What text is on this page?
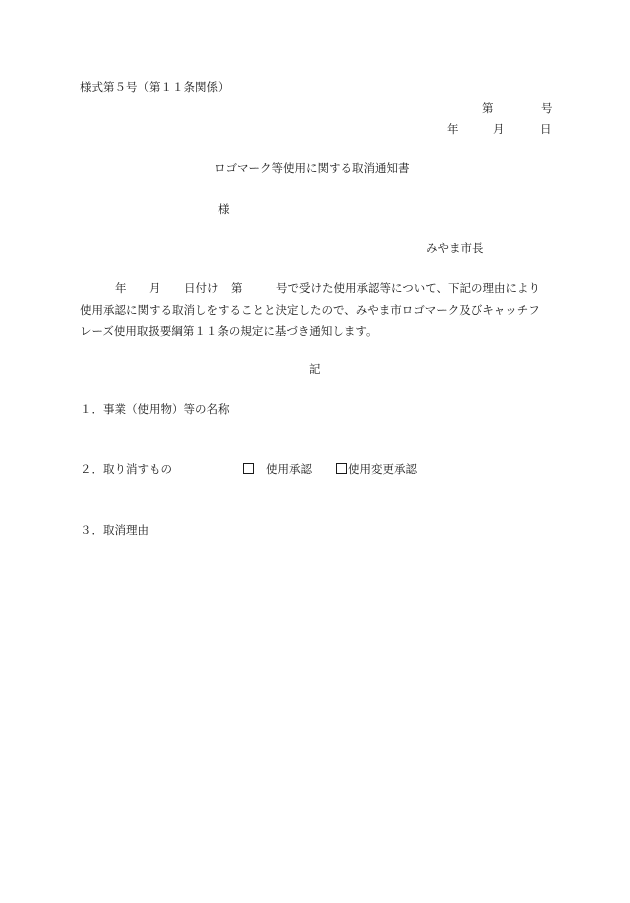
様式第５号（第１１条関係）
第	号
年	月	日
ロゴマーク等使用に関する取消通知書
様
みやま市長
年 月 日付け 第	号で受けた使用承認等について、下記の理由により
使用承認に関する取消しをすることと決定したので、みやま市ロゴマーク及びキャッチフ
レーズ使用取扱要綱第１１条の規定に基づき通知します。
記
１．事業（使用物）等の名称
２．取り消すもの	使用承認	使用変更承認
３．取消理由
